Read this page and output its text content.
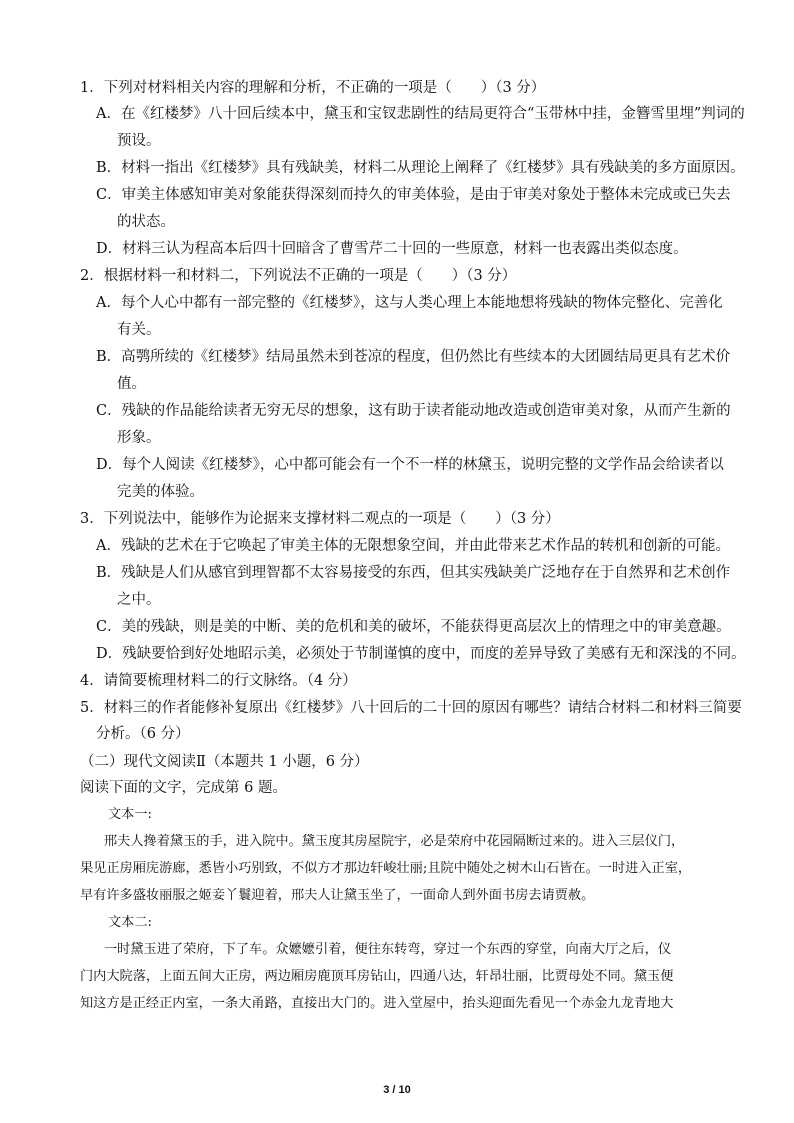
1．下列对材料相关内容的理解和分析，不正确的一项是（　　）（3 分）
A．在《红楼梦》八十回后续本中，黛玉和宝钗悲剧性的结局更符合“玉带林中挂，金簪雪里埋”判词的
预设。
B．材料一指出《红楼梦》具有残缺美，材料二从理论上阐释了《红楼梦》具有残缺美的多方面原因。
C．审美主体感知审美对象能获得深刻而持久的审美体验，是由于审美对象处于整体未完成或已失去
的状态。
D．材料三认为程高本后四十回暗含了曹雪芹二十回的一些原意，材料一也表露出类似态度。
2．根据材料一和材料二，下列说法不正确的一项是（　　）（3 分）
A．每个人心中都有一部完整的《红楼梦》，这与人类心理上本能地想将残缺的物体完整化、完善化
有关。
B．高鹗所续的《红楼梦》结局虽然未到苍凉的程度，但仍然比有些续本的大团圆结局更具有艺术价
值。
C．残缺的作品能给读者无穷无尽的想象，这有助于读者能动地改造或创造审美对象，从而产生新的
形象。
D．每个人阅读《红楼梦》，心中都可能会有一个不一样的林黛玉，说明完整的文学作品会给读者以
完美的体验。
3．下列说法中，能够作为论据来支撑材料二观点的一项是（　　）（3 分）
A．残缺的艺术在于它唤起了审美主体的无限想象空间，并由此带来艺术作品的转机和创新的可能。
B．残缺是人们从感官到理智都不太容易接受的东西，但其实残缺美广泛地存在于自然界和艺术创作
之中。
C．美的残缺，则是美的中断、美的危机和美的破坏，不能获得更高层次上的情理之中的审美意趣。
D．残缺要恰到好处地昭示美，必须处于节制谨慎的度中，而度的差异导致了美感有无和深浅的不同。
4．请简要梳理材料二的行文脉络。（4 分）
5．材料三的作者能修补复原出《红楼梦》八十回后的二十回的原因有哪些？请结合材料二和材料三简要
分析。（6 分）
（二）现代文阅读Ⅱ（本题共 1 小题，6 分）
阅读下面的文字，完成第 6 题。
文本一:
邢夫人搀着黛玉的手，进入院中。黛玉度其房屋院宇，必是荣府中花园隔断过来的。进入三层仪门，
果见正房厢庑游廊，悉皆小巧别致，不似方才那边轩峻壮丽;且院中随处之树木山石皆在。一时进入正室，
早有许多盛妆丽服之姬妾丫鬟迎着，邢夫人让黛玉坐了，一面命人到外面书房去请贾赦。
文本二:
一时黛玉进了荣府，下了车。众嬷嬷引着，便往东转弯，穿过一个东西的穿堂，向南大厅之后，仪
门内大院落，上面五间大正房，两边厢房鹿顶耳房钻山，四通八达，轩昂壮丽，比贾母处不同。黛玉便
知这方是正经正内室，一条大甬路，直接出大门的。进入堂屋中，抬头迎面先看见一个赤金九龙青地大
3 / 10
